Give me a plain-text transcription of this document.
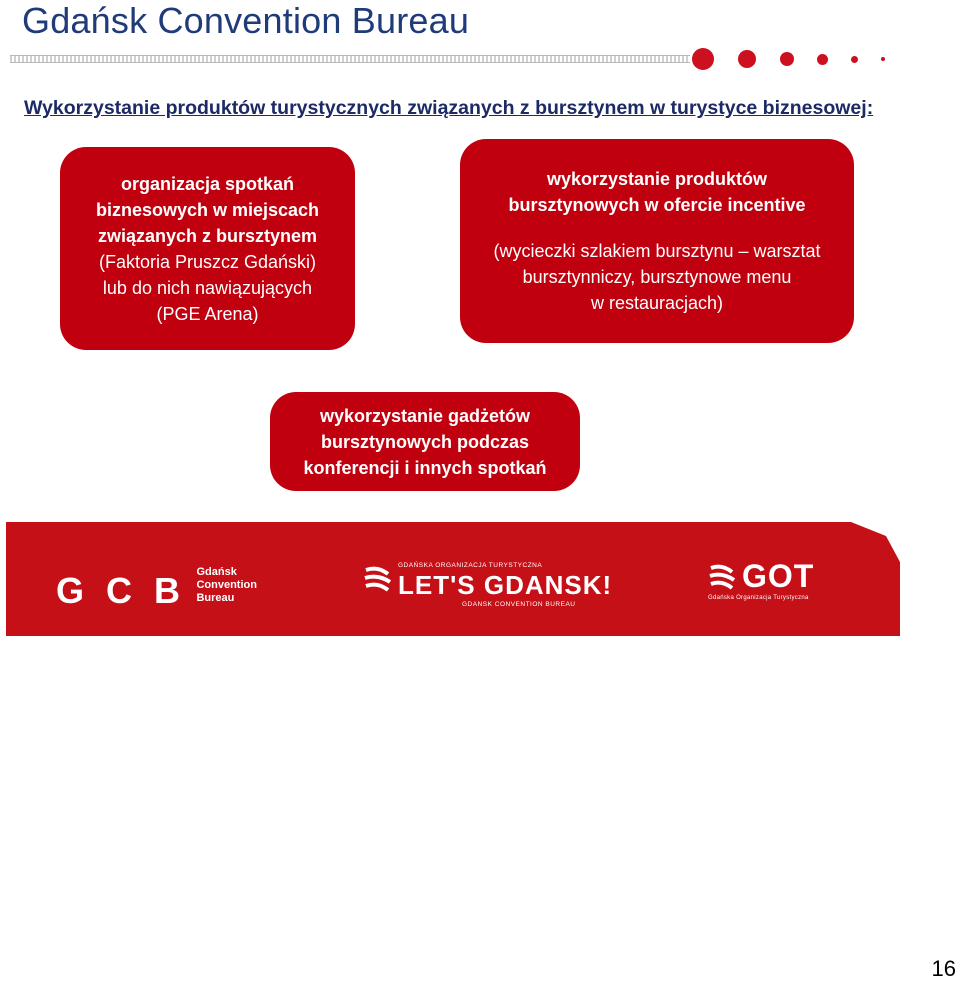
Gdańsk Convention Bureau
Wykorzystanie produktów turystycznych związanych z bursztynem w turystyce biznesowej:
organizacja spotkań
biznesowych w miejscach
związanych z bursztynem
(Faktoria Pruszcz Gdański)
lub do nich nawiązujących
(PGE Arena)
wykorzystanie produktów
bursztynowych w ofercie incentive
(wycieczki szlakiem bursztynu – warsztat
bursztynniczy, bursztynowe menu
w restauracjach)
wykorzystanie gadżetów
bursztynowych podczas
konferencji i innych spotkań
G C B Gdańsk
Convention
Bureau
GDAŃSKA ORGANIZACJA TURYSTYCZNA
LET'S GDANSK!
GDANSK CONVENTION BUREAU
GOT
Gdańska Organizacja Turystyczna
16
